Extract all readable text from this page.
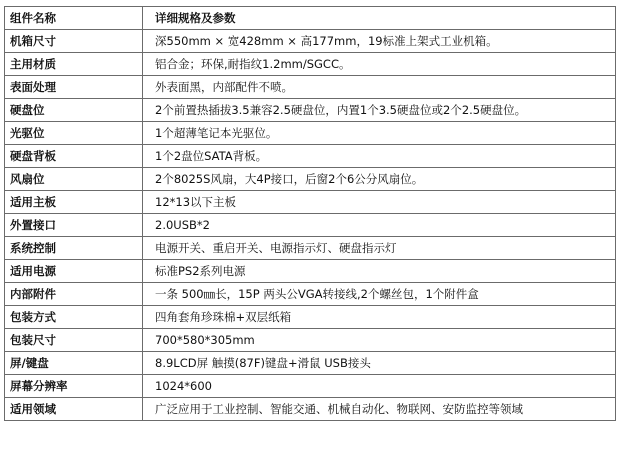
组件名称	详细规格及参数
机箱尺寸	深550mm × 宽428mm × 高177mm，19标准上架式工业机箱。
主用材质	铝合金；环保,耐指纹1.2mm/SGCC。
表面处理	外表面黑，内部配件不喷。
硬盘位	2个前置热插拔3.5兼容2.5硬盘位，内置1个3.5硬盘位或2个2.5硬盘位。
光驱位	1个超薄笔记本光驱位。
硬盘背板	1个2盘位SATA背板。
风扇位	2个8025S风扇，大4P接口，后窗2个6公分风扇位。
适用主板	12*13以下主板
外置接口	2.0USB*2
系统控制	电源开关、重启开关、电源指示灯、硬盘指示灯
适用电源	标准PS2系列电源
内部附件	一条 500㎜长，15P 两头公VGA转接线,2个螺丝包，1个附件盒
包装方式	四角套角珍珠棉+双层纸箱
包装尺寸	700*580*305mm
屏/键盘	8.9LCD屏 触摸(87F)键盘+滑鼠 USB接头
屏幕分辨率	1024*600
适用领域	广泛应用于工业控制、智能交通、机械自动化、物联网、安防监控等领域
